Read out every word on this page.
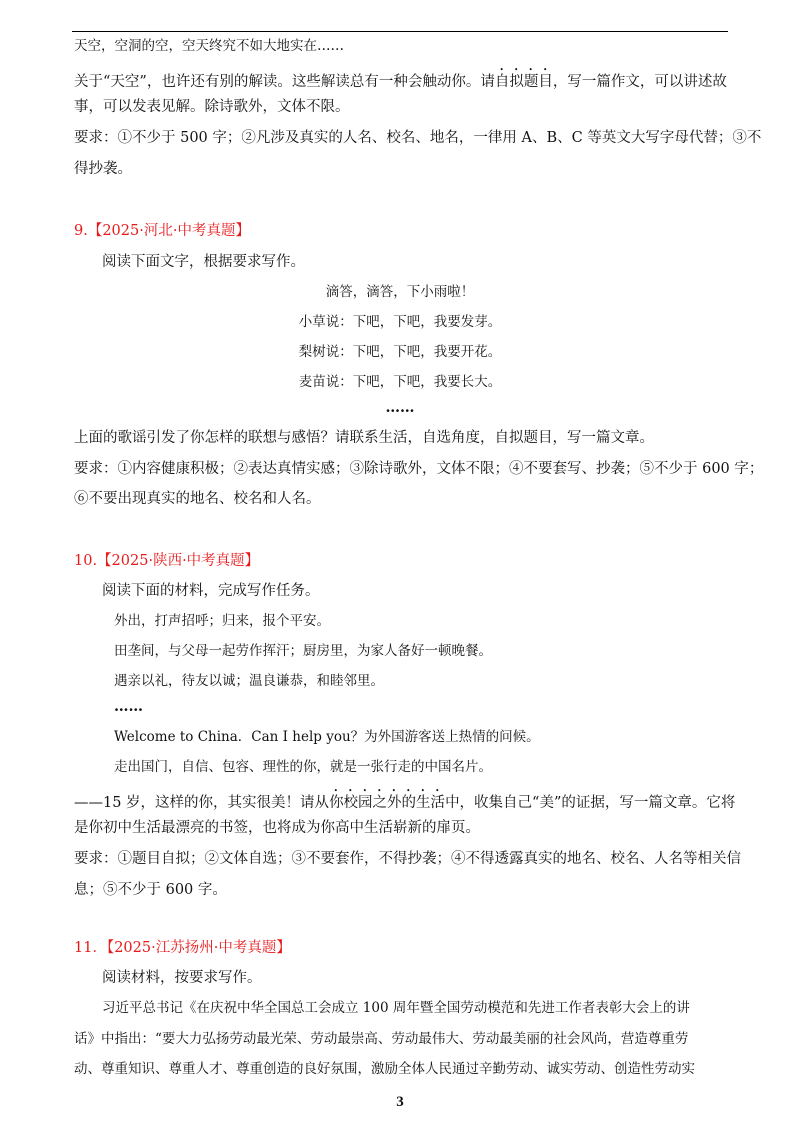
天空，空洞的空，空天终究不如大地实在……
关于“天空”，也许还有别的解读。这些解读总有一种会触动你。请自拟题目，写一篇作文，可以讲述故
事，可以发表见解。除诗歌外，文体不限。
要求：①不少于 500 字；②凡涉及真实的人名、校名、地名，一律用 A、B、C 等英文大写字母代替；③不
得抄袭。
9.【2025·河北·中考真题】
阅读下面文字，根据要求写作。
滴答，滴答，下小雨啦！
小草说：下吧，下吧，我要发芽。
梨树说：下吧，下吧，我要开花。
麦苗说：下吧，下吧，我要长大。
……
上面的歌谣引发了你怎样的联想与感悟？请联系生活，自选角度，自拟题目，写一篇文章。
要求：①内容健康积极；②表达真情实感；③除诗歌外，文体不限；④不要套写、抄袭；⑤不少于 600 字；
⑥不要出现真实的地名、校名和人名。
10.【2025·陕西·中考真题】
阅读下面的材料，完成写作任务。
外出，打声招呼；归来，报个平安。
田垄间，与父母一起劳作挥汗；厨房里，为家人备好一顿晚餐。
遇亲以礼，待友以诚；温良谦恭，和睦邻里。
……
Welcome to China．Can I help you？为外国游客送上热情的问候。
走出国门，自信、包容、理性的你，就是一张行走的中国名片。
——15 岁，这样的你，其实很美！请从你校园之外的生活中，收集自己“美”的证据，写一篇文章。它将
是你初中生活最漂亮的书签，也将成为你高中生活崭新的扉页。
要求：①题目自拟；②文体自选；③不要套作，不得抄袭；④不得透露真实的地名、校名、人名等相关信
息；⑤不少于 600 字。
11．【2025·江苏扬州·中考真题】
阅读材料，按要求写作。
习近平总书记《在庆祝中华全国总工会成立 100 周年暨全国劳动模范和先进工作者表彰大会上的讲
话》中指出：“要大力弘扬劳动最光荣、劳动最崇高、劳动最伟大、劳动最美丽的社会风尚，营造尊重劳
动、尊重知识、尊重人才、尊重创造的良好氛围，激励全体人民通过辛勤劳动、诚实劳动、创造性劳动实
3
